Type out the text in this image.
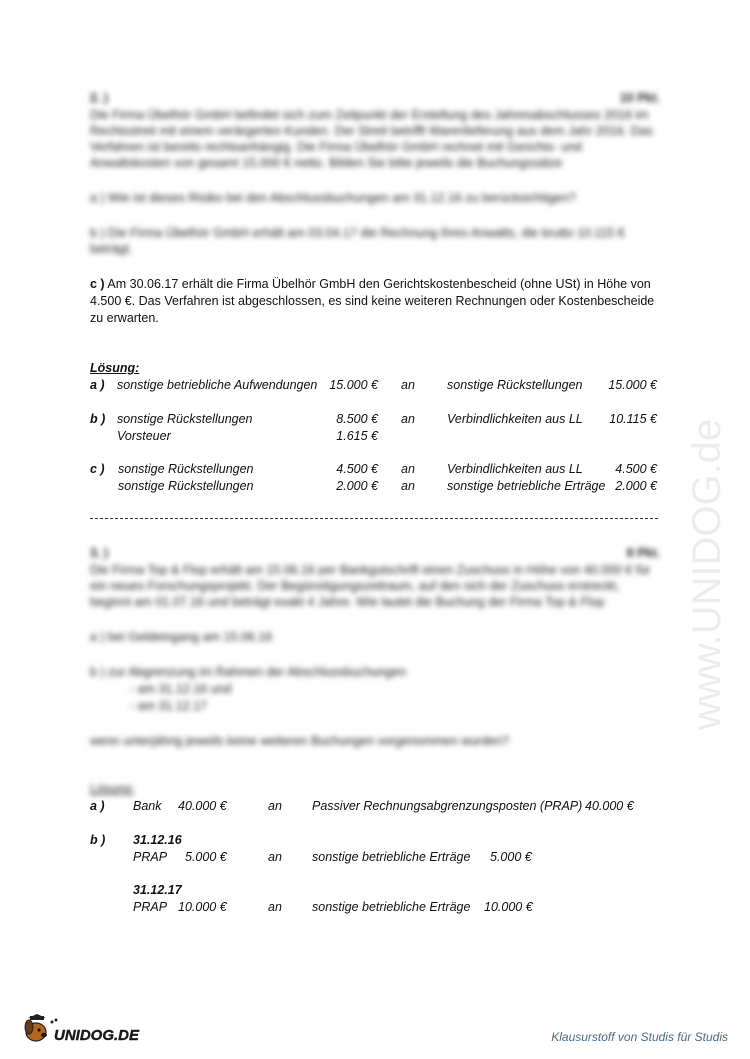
2. )	10 Pkt.
Die Firma Übelhör GmbH befindet sich zum Zeitpunkt der Erstellung des Jahresabschlusses 2016 im Rechtsstreit mit einem verärgerten Kunden. Der Streit betrifft Warenlieferung aus dem Jahr 2016. Das Verfahren ist bereits rechtsanhängig. Die Firma Übelhör GmbH rechnet mit Gerichts- und Anwaltskosten von gesamt 15.000 € netto. Bilden Sie bitte jeweils die Buchungssätze
a ) Wie ist dieses Risiko bei den Abschlussbuchungen am 31.12.16 zu berücksichtigen?
b ) Die Firma Übelhör GmbH erhält am 03.04.17 die Rechnung ihres Anwalts, die brutto 10.115 € beträgt.
c ) Am 30.06.17 erhält die Firma Übelhör GmbH den Gerichtskostenbescheid (ohne USt) in Höhe von 4.500 €. Das Verfahren ist abgeschlossen, es sind keine weiteren Rechnungen oder Kostenbescheide zu erwarten.
Lösung:
a ) sonstige betriebliche Aufwendungen 15.000 € an	sonstige Rückstellungen	15.000 €
b ) sonstige Rückstellungen	8.500 € an	Verbindlichkeiten aus LL	10.115 €
Vorsteuer	1.615 €
c ) sonstige Rückstellungen	4.500 € an	Verbindlichkeiten aus LL	4.500 €
sonstige Rückstellungen	2.000 € an	sonstige betriebliche Erträge 2.000 €
3. )	8 Pkt.
Die Firma Top & Flop erhält am 15.06.16 per Bankgutschrift einen Zuschuss in Höhe von 40.000 € für ein neues Forschungsprojekt. Der Begünstigungszeitraum, auf den sich der Zuschuss erstreckt, beginnt am 01.07.16 und beträgt exakt 4 Jahre. Wie lautet die Buchung der Firma Top & Flop
a ) bei Geldeingang am 15.06.16
b ) zur Abgrenzung im Rahmen der Abschlussbuchungen
- am 31.12.16 und
- am 31.12.17
wenn unterjährig jeweils keine weiteren Buchungen vorgenommen wurden?
Lösung:
a ) Bank 40.000 €	an Passiver Rechnungsabgrenzungsposten (PRAP) 40.000 €
b ) 31.12.16
PRAP 5.000 €	an sonstige betriebliche Erträge 5.000 €
31.12.17
PRAP 10.000 €	an sonstige betriebliche Erträge 10.000 €
www.UNIDOG.de
UNIDOG.DE	Klausurstoff von Studis für Studis
